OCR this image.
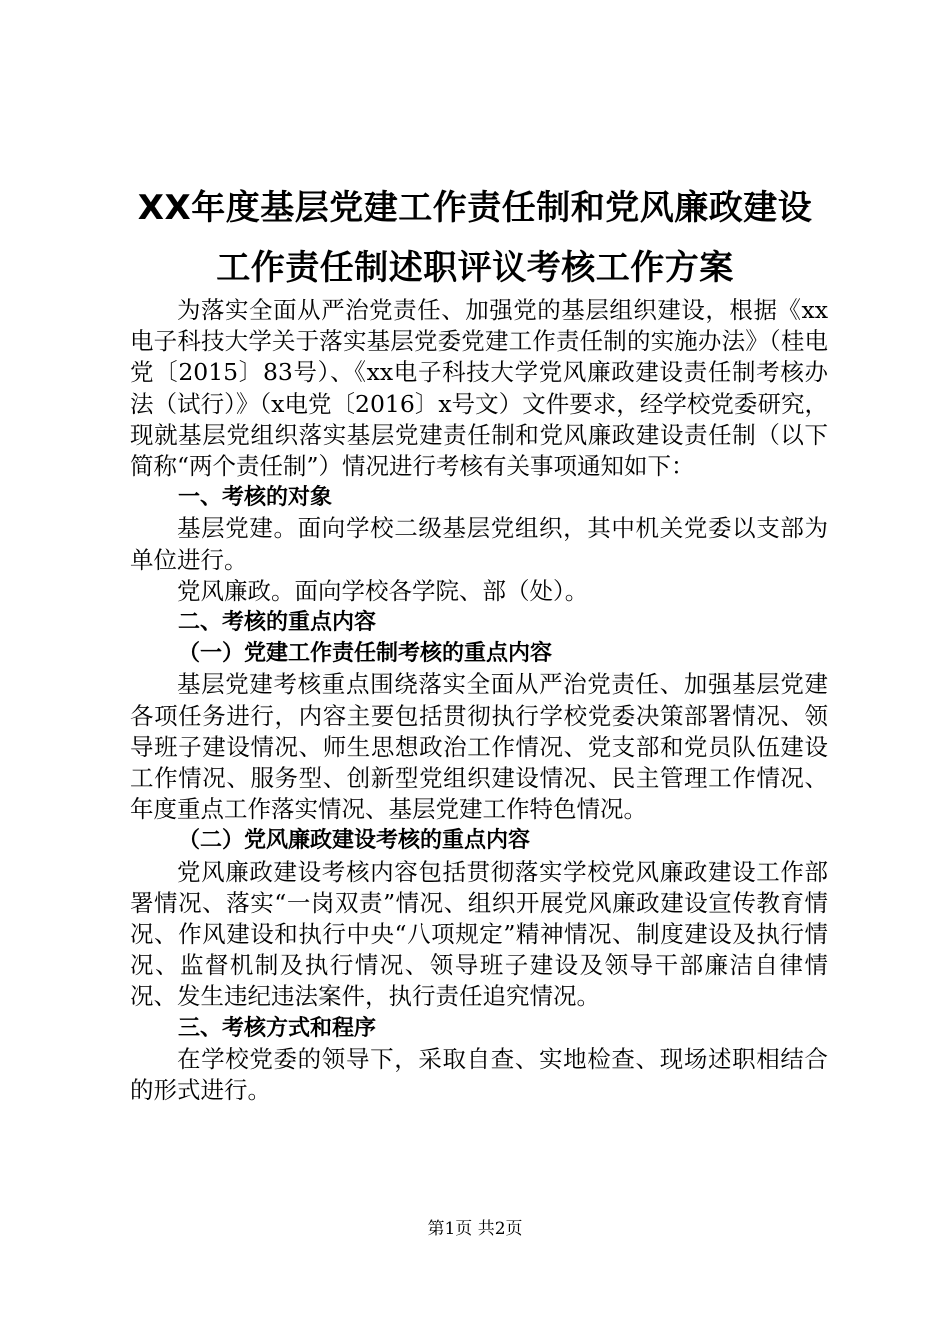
XX年度基层党建工作责任制和党风廉政建设
工作责任制述职评议考核工作方案

为落实全面从严治党责任、加强党的基层组织建设，根据《xx电子科技大学关于落实基层党委党建工作责任制的实施办法》（桂电党〔2015〕83号）、《xx电子科技大学党风廉政建设责任制考核办法（试行）》（x电党〔2016〕x号文）文件要求，经学校党委研究，现就基层党组织落实基层党建责任制和党风廉政建设责任制（以下简称“两个责任制”）情况进行考核有关事项通知如下：

一、考核的对象

基层党建。面向学校二级基层党组织，其中机关党委以支部为单位进行。

党风廉政。面向学校各学院、部（处）。

二、考核的重点内容
（一）党建工作责任制考核的重点内容

基层党建考核重点围绕落实全面从严治党责任、加强基层党建各项任务进行，内容主要包括贯彻执行学校党委决策部署情况、领导班子建设情况、师生思想政治工作情况、党支部和党员队伍建设工作情况、服务型、创新型党组织建设情况、民主管理工作情况、年度重点工作落实情况、基层党建工作特色情况。

（二）党风廉政建设考核的重点内容

党风廉政建设考核内容包括贯彻落实学校党风廉政建设工作部署情况、落实“一岗双责”情况、组织开展党风廉政建设宣传教育情况、作风建设和执行中央“八项规定”精神情况、制度建设及执行情况、监督机制及执行情况、领导班子建设及领导干部廉洁自律情况、发生违纪违法案件，执行责任追究情况。

三、考核方式和程序

在学校党委的领导下，采取自查、实地检查、现场述职相结合的形式进行。

第1页 共2页
